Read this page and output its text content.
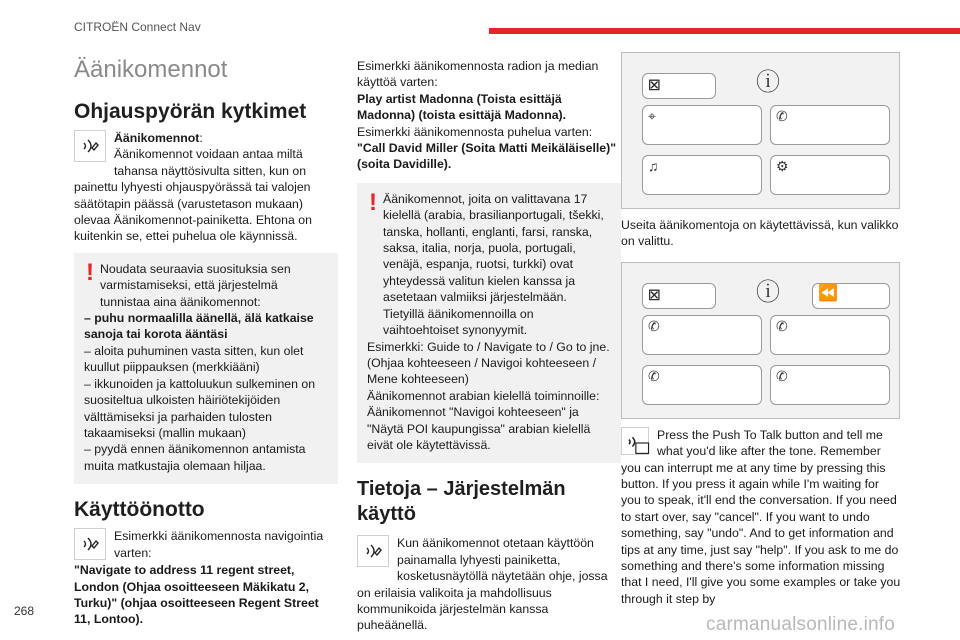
CITROËN Connect Nav
Äänikomennot
Ohjauspyörän kytkimet

Äänikomennot:
Äänikomennot voidaan antaa miltä tahansa näyttösivulta sitten, kun on painettu lyhyesti ohjauspyörässä tai valojen säätötapin päässä (varustetason mukaan) olevaa Äänikomennot-painiketta. Ehtona on kuitenkin se, ettei puhelua ole käynnissä.

! Noudata seuraavia suosituksia sen varmistamiseksi, että järjestelmä tunnistaa aina äänikomennot:

– puhu normaalilla äänellä, älä katkaise sanoja tai korota ääntäsi

– aloita puhuminen vasta sitten, kun olet kuullut piippauksen (merkkiääni)

– ikkunoiden ja kattoluukun sulkeminen on suositeltua ulkoisten häiriötekijöiden välttämiseksi ja parhaiden tulosten takaamiseksi (mallin mukaan)

– pyydä ennen äänikomennon antamista muita matkustajia olemaan hiljaa.

Käyttöönotto

Esimerkki äänikomennosta navigointia varten:

"Navigate to address 11 regent street, London (Ohjaa osoitteeseen Mäkikatu 2, Turku)" (ohjaa osoitteeseen Regent Street 11, Lontoo).

Esimerkki äänikomennosta radion ja median käyttöä varten:

Play artist Madonna (Toista esittäjä Madonna) (toista esittäjä Madonna).

Esimerkki äänikomennosta puhelua varten:

"Call David Miller (Soita Matti Meikäläiselle)" (soita Davidille).

! Äänikomennot, joita on valittavana 17 kielellä (arabia, brasilianportugali, tšekki, tanska, hollanti, englanti, farsi, ranska, saksa, italia, norja, puola, portugali, venäjä, espanja, ruotsi, turkki) ovat yhteydessä valitun kielen kanssa ja asetetaan valmiiksi järjestelmään. Tietyillä äänikomennoilla on vaihtoehtoiset synonyymit.

Esimerkki: Guide to / Navigate to / Go to jne. (Ohjaa kohteeseen / Navigoi kohteeseen / Mene kohteeseen)

Äänikomennot arabian kielellä toiminnoille: Äänikomennot "Navigoi kohteeseen" ja "Näytä POI kaupungissa" arabian kielellä eivät ole käytettävissä.

Tietoja – Järjestelmän käyttö

Kun äänikomennot otetaan käyttöön painamalla lyhyesti painiketta, kosketusnäytöllä näytetään ohje, jossa on erilaisia valikoita ja mahdollisuus kommunikoida järjestelmän kanssa puheäänellä.

☒	ⓘ
⌖	✆
♫	⚙

Useita äänikomentoja on käytettävissä, kun valikko on valittu.

☒	ⓘ ⏪
✆	✆
✆	✆

Press the Push To Talk button and tell me what you'd like after the tone. Remember you can interrupt me at any time by pressing this button. If you press it again while I'm waiting for you to speak, it'll end the conversation. If you need to start over, say "cancel". If you want to undo something, say "undo". And to get information and tips at any time, just say "help". If you ask to me do something and there's some information missing that I need, I'll give you some examples or take you through it step by

268
carmanualsonline.info
